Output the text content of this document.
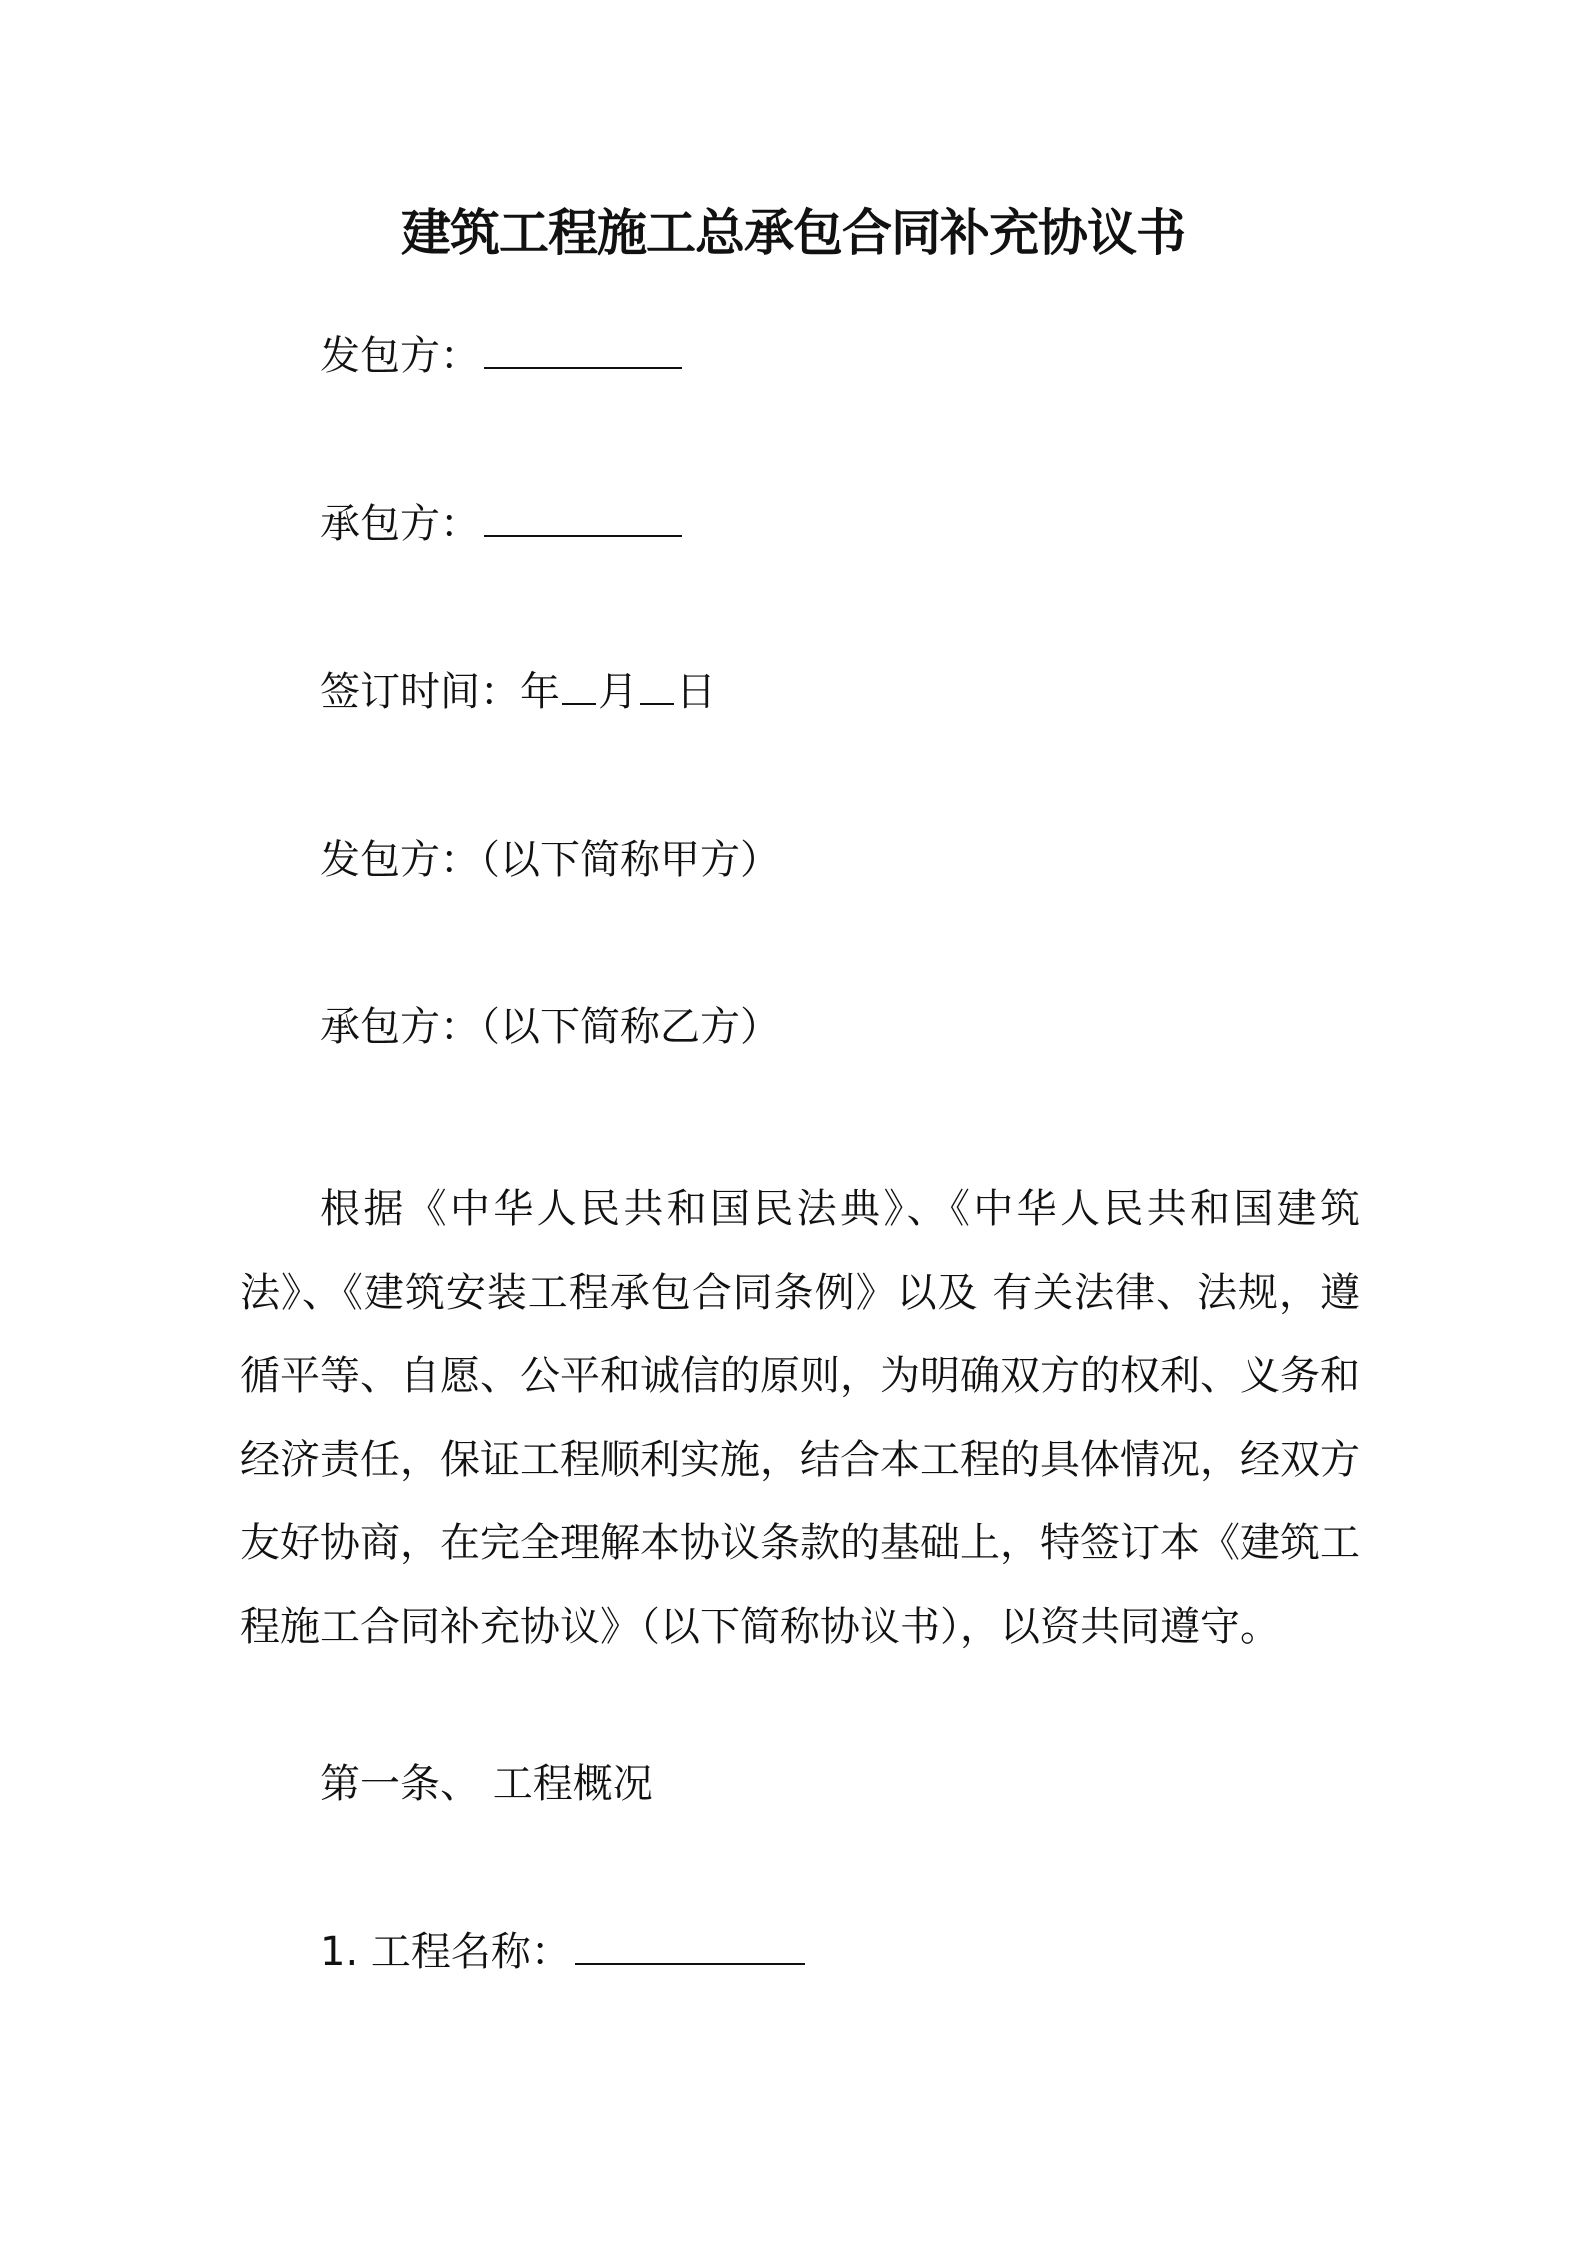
建筑工程施工总承包合同补充协议书

发包方：

承包方：

签订时间：年 月 日

发包方：（以下简称甲方）

承包方：（以下简称乙方）

根据《中华人民共和国民法典》、《中华人民共和国建筑法》、《建筑安装工程承包合同条例》以及 有关法律、法规，遵循平等、自愿、公平和诚信的原则，为明确双方的权利、义务和经济责任，保证工程顺利实施，结合本工程的具体情况，经双方友好协商，在完全理解本协议条款的基础上，特签订本《建筑工程施工合同补充协议》（以下简称协议书），以资共同遵守。

第一条、 工程概况

1. 工程名称：
